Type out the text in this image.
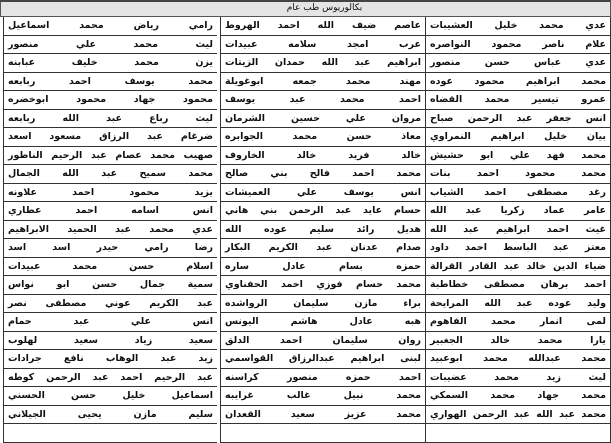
بكالوريوس طب عام
عدي محمد خليل العشيبات
عاصم ضيف الله احمد الهروط
رامي رياض محمد اسماعيل
علام ناصر محمود النواصره
عرب امجد سلامه عبيدات
ليث محمد علي منصور
عدي عباس حسن منصور
ابراهيم عبد الله حمدان الزيتات
يزن محمد خليف عبابنه
محمد ابراهيم محمود عوده
مهند محمد جمعه ابوغويلة
محمد يوسف احمد ربابعه
عمرو تيسير محمد القضاه
احمد محمد عبد يوسف
محمود جهاد محمود ابوخضره
انس جعفر عبد الرحمن صباح
مروان علي حسين الشرمان
ليث رباع عبد الله ربابعه
بيان خليل ابراهيم النمراوي
معاذ حسن محمد الجوابره
ضرغام عبد الرزاق مسعود اسعد
محمد فهد علي ابو حشيش
خالد فريد خالد الخاروف
صهيب محمد عصام عبد الرحيم الناطور
محمد محمود احمد بنات
محمد احمد فالح بني صالح
محمد سميح عبد الله الجمال
رغد مصطفى احمد الشياب
انس يوسف علي العميشات
يزيد محمود احمد علاونه
عامر عماد زكريا عبد الله
حسام عايد عبد الرحمن بني هاني
انس اسامه احمد عطاري
غيث احمد ابراهيم عبد الله
هديل رائد سليم عوده الله
عدي محمد عبد الحميد الابراهيم
معتز عبد الباسط احمد داود
صدام عدنان عبد الكريم البكار
رضا رامي حيدر اسد اسد
ضياء الدين خالد عبد القادر القرالة
حمزه بسام عادل ساره
اسلام حسن محمد عبيدات
احمد برهان مصطفى خطاطبة
محمد حسام فوزي احمد الحفناوي
سمية جمال حسن ابو نواس
وليد عوده عبد الله المرايحة
براء مازن سليمان الرواشده
عبد الكريم عوني مصطفى نصر
لمى انمار محمد الفاهوم
هبه عادل هاشم اليونس
انس علي عبد حمام
يارا محمد خالد الجغبير
روان سليمان احمد الدلق
سعيد زياد سعيد لهلوب
محمد عبدالله محمد ابوعبيد
لبنى ابراهيم عبدالرزاق القواسمي
زيد عبد الوهاب نافع جرادات
ليث زيد محمد عضيبات
احمد حمزه منصور كراسنه
عبد الرحيم احمد عبد الرحمن كوطه
محمد جهاد محمد السمكي
محمد نبيل غالب غرايبه
اسماعيل خليل حسن الحسني
محمد عبد الله عبد الرحمن الهواري
محمد عزيز سعيد القعدان
سليم مازن يحيى الجيلاني
